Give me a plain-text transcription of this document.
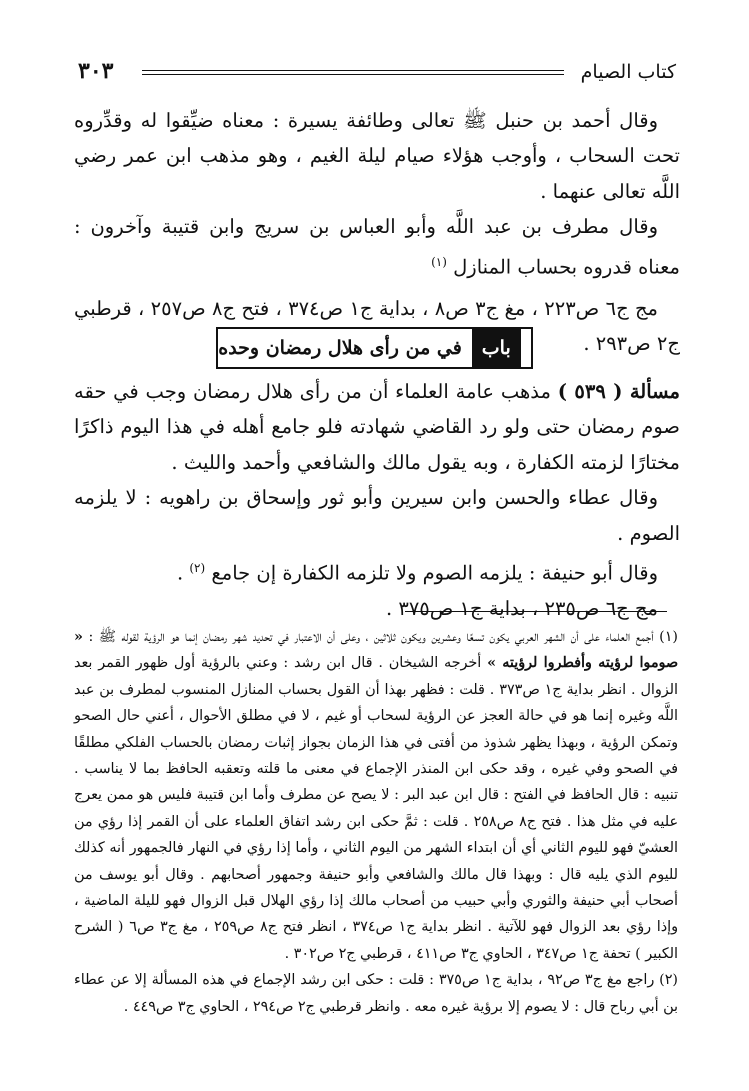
كتاب الصيام
٣٠٣

وقال أحمد بن حنبل ﷺ تعالى وطائفة يسيرة : معناه ضيِّقوا له وقدِّروه تحت السحاب ، وأوجب هؤلاء صيام ليلة الغيم ، وهو مذهب ابن عمر رضي اللَّه تعالى عنهما .

وقال مطرف بن عبد اللَّه وأبو العباس بن سريج وابن قتيبة وآخرون : معناه قدروه بحساب المنازل $^{(١)}$

مج ج٦ ص٢٢٣ ، مغ ج٣ ص٨ ، بداية ج١ ص٣٧٤ ، فتح ج٨ ص٢٥٧ ، قرطبي ج٢ ص٢٩٣ .

بابفي من رأى هلال رمضان وحده

مسألة ( ٥٣٩ ) مذهب عامة العلماء أن من رأى هلال رمضان وجب في حقه صوم رمضان حتى ولو رد القاضي شهادته فلو جامع أهله في هذا اليوم ذاكرًا مختارًا لزمته الكفارة ، وبه يقول مالك والشافعي وأحمد والليث .

وقال عطاء والحسن وابن سيرين وأبو ثور وإسحاق بن راهويه : لا يلزمه الصوم .

وقال أبو حنيفة : يلزمه الصوم ولا تلزمه الكفارة إن جامع $^{(٢)}$ .

مج ج٦ ص٢٣٥ ، بداية ج١ ص٣٧٥ .

(١) أجمع العلماء على أن الشهر العربي يكون تسعًا وعشرين ويكون ثلاثين ، وعلى أن الاعتبار في تحديد شهر رمضان إنما هو الرؤية لقوله ﷺ : « صوموا لرؤيته وأفطروا لرؤيته » أخرجه الشيخان . قال ابن رشد : وعني بالرؤية أول ظهور القمر بعد الزوال . انظر بداية ج١ ص٣٧٣ . قلت : فظهر بهذا أن القول بحساب المنازل المنسوب لمطرف بن عبد اللَّه وغيره إنما هو في حالة العجز عن الرؤية لسحاب أو غيم ، لا في مطلق الأحوال ، أعني حال الصحو وتمكن الرؤية ، وبهذا يظهر شذوذ من أفتى في هذا الزمان بجواز إثبات رمضان بالحساب الفلكي مطلقًا في الصحو وفي غيره ، وقد حكى ابن المنذر الإجماع في معنى ما قلته وتعقبه الحافظ بما لا يناسب . تنبيه : قال الحافظ في الفتح : قال ابن عبد البر : لا يصح عن مطرف وأما ابن قتيبة فليس هو ممن يعرج عليه في مثل هذا . فتح ج٨ ص٢٥٨ . قلت : ثمَّ حكى ابن رشد اتفاق العلماء على أن القمر إذا رؤي من العشيّ فهو لليوم الثاني أي أن ابتداء الشهر من اليوم الثاني ، وأما إذا رؤي في النهار فالجمهور أنه كذلك لليوم الذي يليه قال : وبهذا قال مالك والشافعي وأبو حنيفة وجمهور أصحابهم . وقال أبو يوسف من أصحاب أبي حنيفة والثوري وأبي حبيب من أصحاب مالك إذا رؤي الهلال قبل الزوال فهو لليلة الماضية ، وإذا رؤي بعد الزوال فهو للآتية . انظر بداية ج١ ص٣٧٤ ، انظر فتح ج٨ ص٢٥٩ ، مغ ج٣ ص٦ ( الشرح الكبير ) تحفة ج١ ص٣٤٧ ، الحاوي ج٣ ص٤١١ ، قرطبي ج٢ ص٣٠٢ .

(٢) راجع مغ ج٣ ص٩٢ ، بداية ج١ ص٣٧٥ : قلت : حكى ابن رشد الإجماع في هذه المسألة إلا عن عطاء بن أبي رباح قال : لا يصوم إلا برؤية غيره معه . وانظر قرطبي ج٢ ص٢٩٤ ، الحاوي ج٣ ص٤٤٩ .
